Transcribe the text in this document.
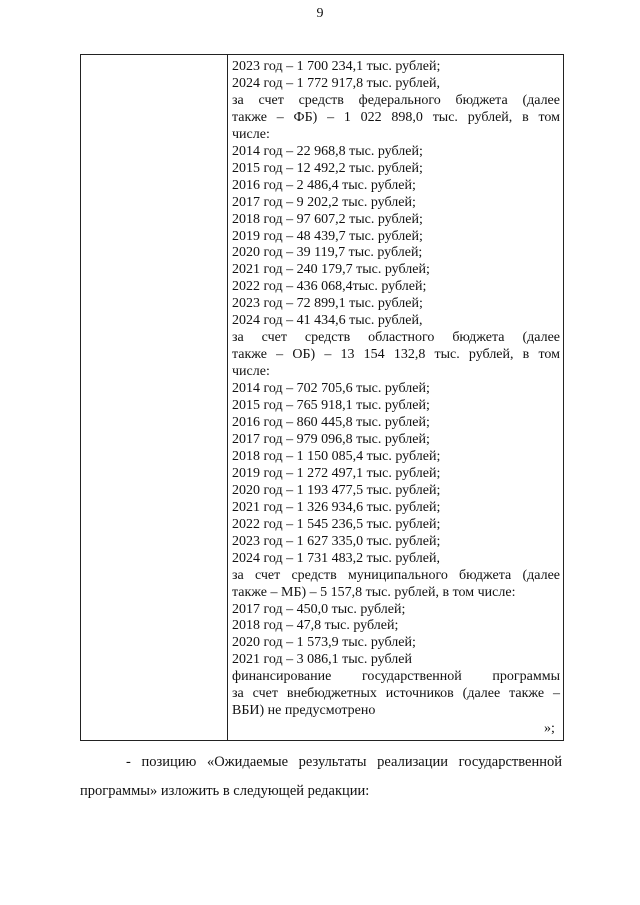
9
2023 год – 1 700 234,1 тыс. рублей;
2024 год – 1 772 917,8 тыс. рублей,
за счет средств федерального бюджета (далее
также – ФБ) – 1 022 898,0 тыс. рублей, в том
числе:
2014 год – 22 968,8 тыс. рублей;
2015 год – 12 492,2 тыс. рублей;
2016 год – 2 486,4 тыс. рублей;
2017 год – 9 202,2 тыс. рублей;
2018 год – 97 607,2 тыс. рублей;
2019 год – 48 439,7 тыс. рублей;
2020 год – 39 119,7 тыс. рублей;
2021 год – 240 179,7 тыс. рублей;
2022 год – 436 068,4тыс. рублей;
2023 год – 72 899,1 тыс. рублей;
2024 год – 41 434,6 тыс. рублей,
за счет средств областного бюджета (далее
также – ОБ) – 13 154 132,8 тыс. рублей, в том
числе:
2014 год – 702 705,6 тыс. рублей;
2015 год – 765 918,1 тыс. рублей;
2016 год – 860 445,8 тыс. рублей;
2017 год – 979 096,8 тыс. рублей;
2018 год – 1 150 085,4 тыс. рублей;
2019 год – 1 272 497,1 тыс. рублей;
2020 год – 1 193 477,5 тыс. рублей;
2021 год – 1 326 934,6 тыс. рублей;
2022 год – 1 545 236,5 тыс. рублей;
2023 год – 1 627 335,0 тыс. рублей;
2024 год – 1 731 483,2 тыс. рублей,
за счет средств муниципального бюджета (далее
также – МБ) – 5 157,8 тыс. рублей, в том числе:
2017 год – 450,0 тыс. рублей;
2018 год – 47,8 тыс. рублей;
2020 год – 1 573,9 тыс. рублей;
2021 год – 3 086,1 тыс. рублей
финансирование государственной программы
за счет внебюджетных источников (далее также –
ВБИ) не предусмотрено
»;
- позицию «Ожидаемые результаты реализации государственной
программы» изложить в следующей редакции:
